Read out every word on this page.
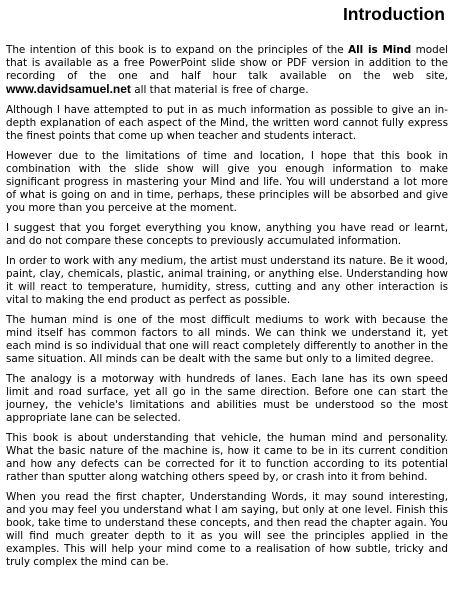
Introduction

The intention of this book is to expand on the principles of the All is Mind model that is available as a free PowerPoint slide show or PDF version in addition to the recording of the one and half hour talk available on the web site, www.davidsamuel.net all that material is free of charge.

Although I have attempted to put in as much information as possible to give an in-depth explanation of each aspect of the Mind, the written word cannot fully express the finest points that come up when teacher and students interact.

However due to the limitations of time and location, I hope that this book in combination with the slide show will give you enough information to make significant progress in mastering your Mind and life. You will understand a lot more of what is going on and in time, perhaps, these principles will be absorbed and give you more than you perceive at the moment.

I suggest that you forget everything you know, anything you have read or learnt, and do not compare these concepts to previously accumulated information.

In order to work with any medium, the artist must understand its nature. Be it wood, paint, clay, chemicals, plastic, animal training, or anything else. Understanding how it will react to temperature, humidity, stress, cutting and any other interaction is vital to making the end product as perfect as possible.

The human mind is one of the most difficult mediums to work with because the mind itself has common factors to all minds. We can think we understand it, yet each mind is so individual that one will react completely differently to another in the same situation. All minds can be dealt with the same but only to a limited degree.

The analogy is a motorway with hundreds of lanes. Each lane has its own speed limit and road surface, yet all go in the same direction. Before one can start the journey, the vehicle's limitations and abilities must be understood so the most appropriate lane can be selected.

This book is about understanding that vehicle, the human mind and personality. What the basic nature of the machine is, how it came to be in its current condition and how any defects can be corrected for it to function according to its potential rather than sputter along watching others speed by, or crash into it from behind.

When you read the first chapter, Understanding Words, it may sound interesting, and you may feel you understand what I am saying, but only at one level. Finish this book, take time to understand these concepts, and then read the chapter again. You will find much greater depth to it as you will see the principles applied in the examples. This will help your mind come to a realisation of how subtle, tricky and truly complex the mind can be.
